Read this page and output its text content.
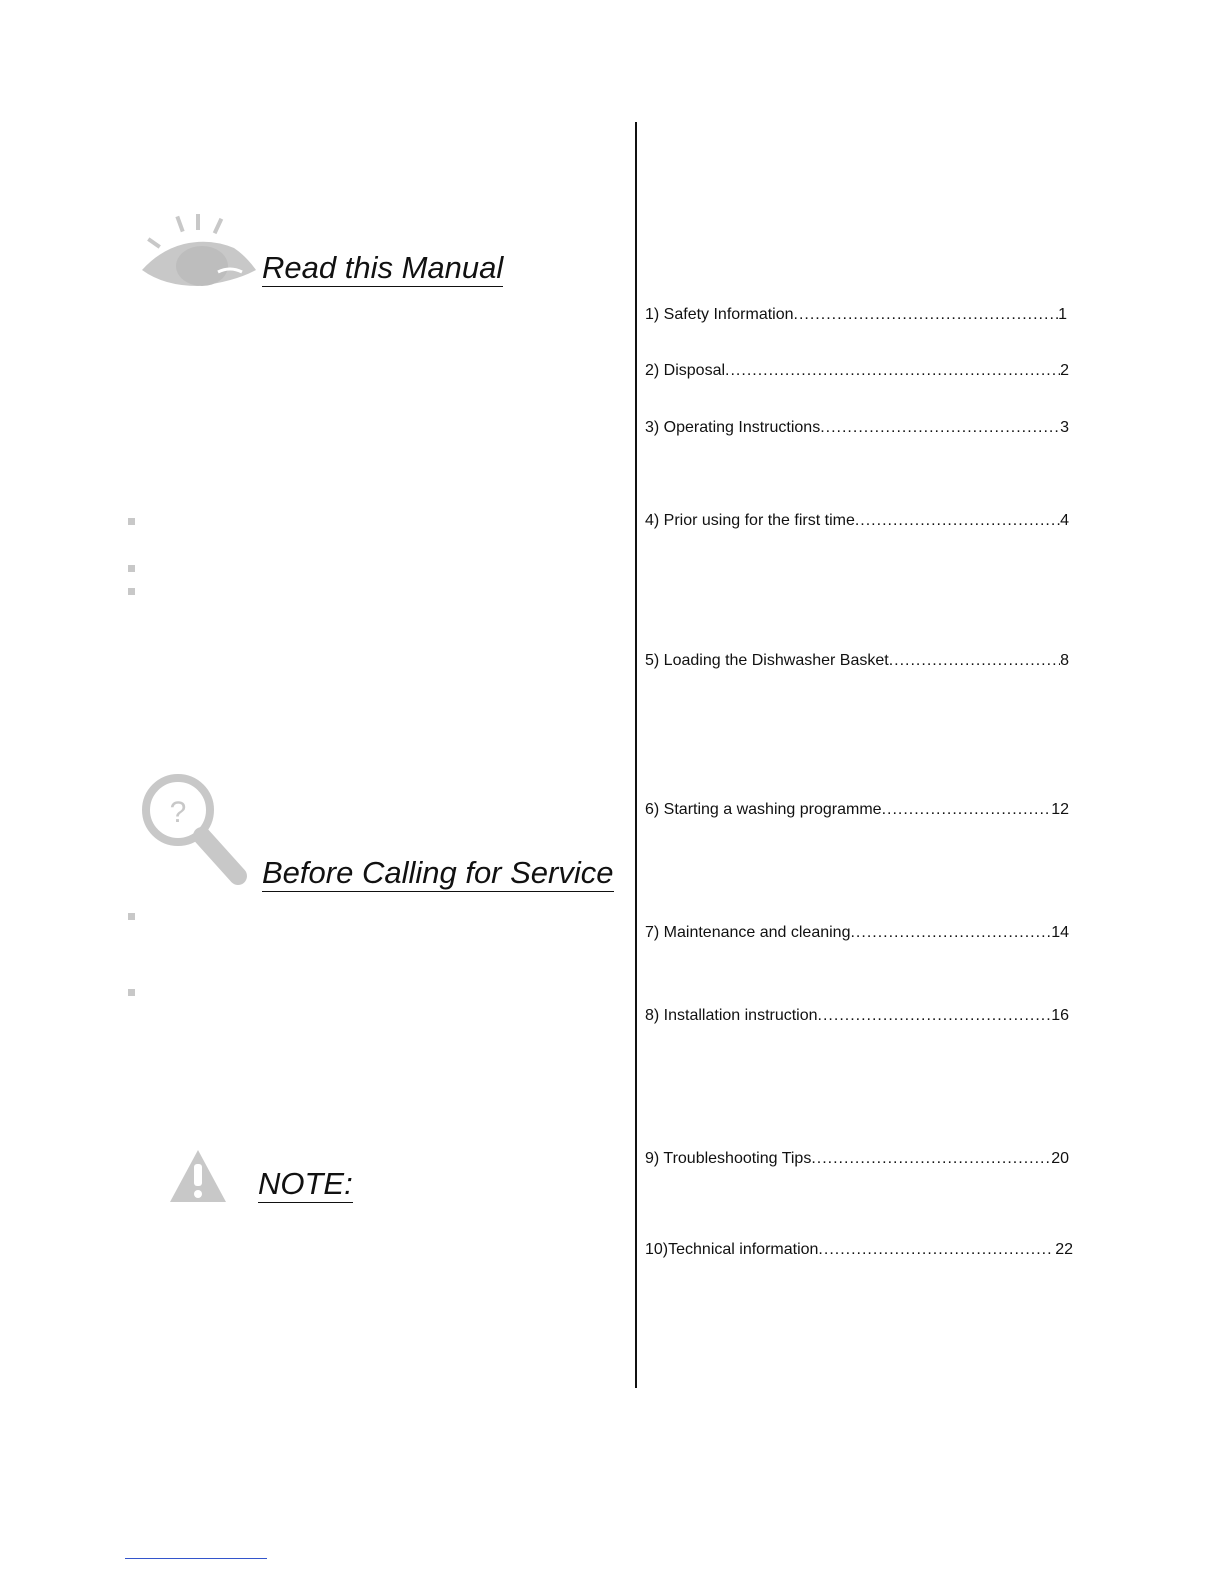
Read this Manual
?
Before Calling for Service
NOTE:
1) Safety Information .....	1
2) Disposal .....	2
3) Operating Instructions .....	3
4) Prior using for the first time .....	4
5) Loading the Dishwasher Basket .....	8
6) Starting a washing programme .....	12
7) Maintenance and cleaning .....	14
8) Installation instruction .....	16
9) Troubleshooting Tips .....	20
10)Technical information .....	22
